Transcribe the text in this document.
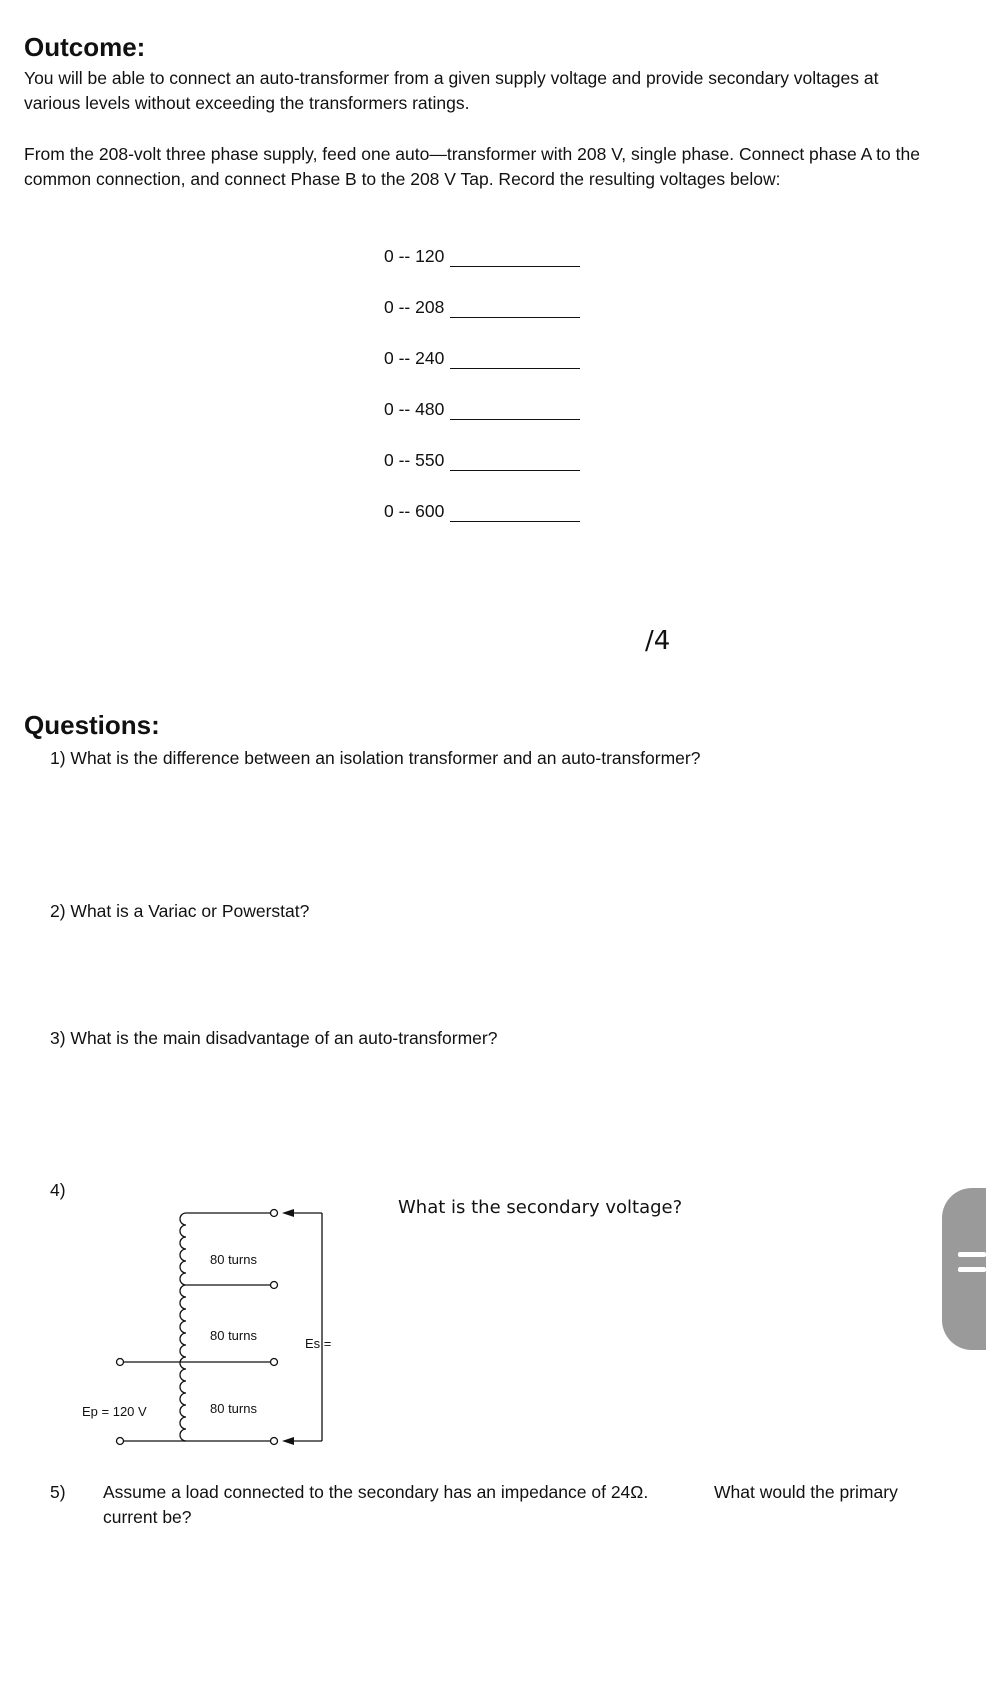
Outcome:
You will be able to connect an auto-transformer from a given supply voltage and provide secondary voltages at
various levels without exceeding the transformers ratings.
From the 208-volt three phase supply, feed one auto—transformer with 208 V, single phase. Connect phase A to the
common connection, and connect Phase B to the 208 V Tap. Record the resulting voltages below:
0 -- 120
0 -- 208
0 -- 240
0 -- 480
0 -- 550
0 -- 600
/4
Questions:
1) What is the difference between an isolation transformer and an auto-transformer?
2) What is a Variac or Powerstat?
3) What is the main disadvantage of an auto-transformer?
4)
What is the secondary voltage?
80 turns
80 turns
80 turns
Es =
Ep = 120 V
5) Assume a load connected to the secondary has an impedance of 24Ω.	What would the primary
current be?
